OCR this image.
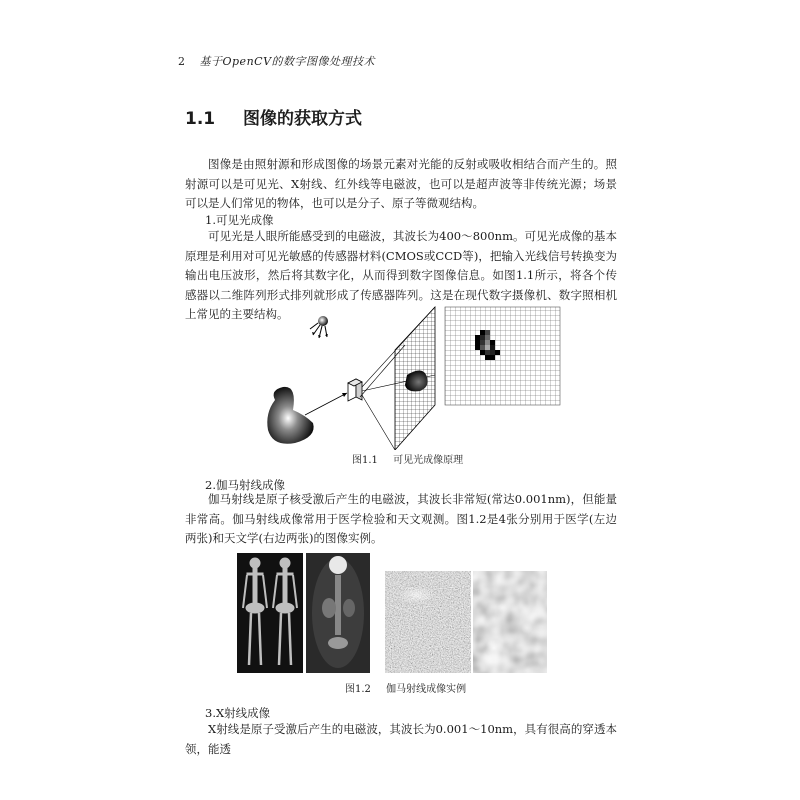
2 基于OpenCV的数字图像处理技术
1.1 图像的获取方式

图像是由照射源和形成图像的场景元素对光能的反射或吸收相结合而产生的。照射源可以是可见光、X射线、红外线等电磁波，也可以是超声波等非传统光源；场景可以是人们常见的物体，也可以是分子、原子等微观结构。

1.可见光成像

可见光是人眼所能感受到的电磁波，其波长为400～800nm。可见光成像的基本原理是利用对可见光敏感的传感器材料(CMOS或CCD等)，把输入光线信号转换变为输出电压波形，然后将其数字化，从而得到数字图像信息。如图1.1所示，将各个传感器以二维阵列形式排列就形成了传感器阵列。这是在现代数字摄像机、数字照相机上常见的主要结构。

图1.1 可见光成像原理
2.伽马射线成像

伽马射线是原子核受激后产生的电磁波，其波长非常短(常达0.001nm)，但能量非常高。伽马射线成像常用于医学检验和天文观测。图1.2是4张分别用于医学(左边两张)和天文学(右边两张)的图像实例。

图1.2 伽马射线成像实例
3.X射线成像

X射线是原子受激后产生的电磁波，其波长为0.001～10nm，具有很高的穿透本领，能透
